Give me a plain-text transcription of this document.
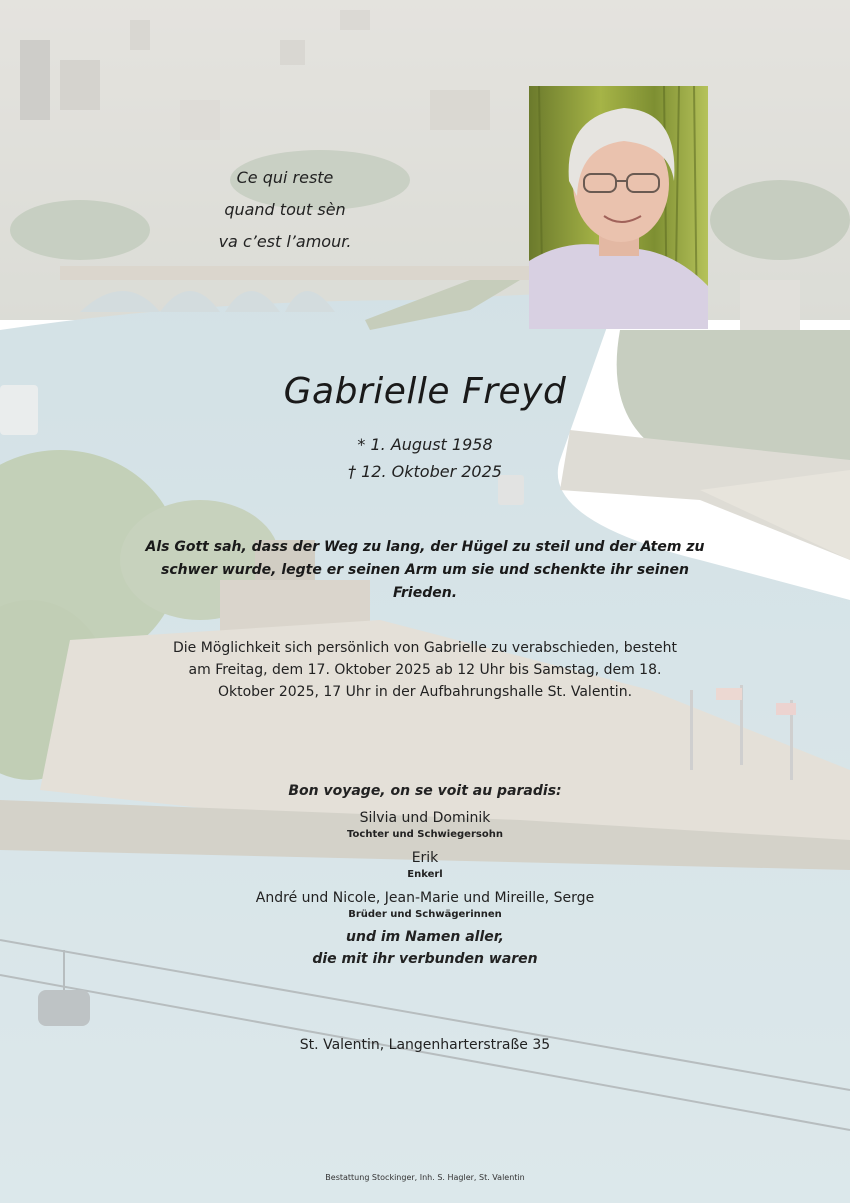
Ce qui reste
quand tout sèn
va c’est l’amour.
Gabrielle Freyd
* 1. August 1958
† 12. Oktober 2025
Als Gott sah, dass der Weg zu lang, der Hügel zu steil und der Atem zu schwer wurde, legte er seinen Arm um sie und schenkte ihr seinen Frieden.
Die Möglichkeit sich persönlich von Gabrielle zu verabschieden, besteht am Freitag, dem 17. Oktober 2025 ab 12 Uhr bis Samstag, dem 18. Oktober 2025, 17 Uhr in der Aufbahrungshalle St. Valentin.
Bon voyage, on se voit au paradis:
Silvia und Dominik
Tochter und Schwiegersohn
Erik
Enkerl
André und Nicole, Jean-Marie und Mireille, Serge
Brüder und Schwägerinnen
und im Namen aller,
die mit ihr verbunden waren
St. Valentin, Langenharterstraße 35
Bestattung Stockinger, Inh. S. Hagler, St. Valentin
